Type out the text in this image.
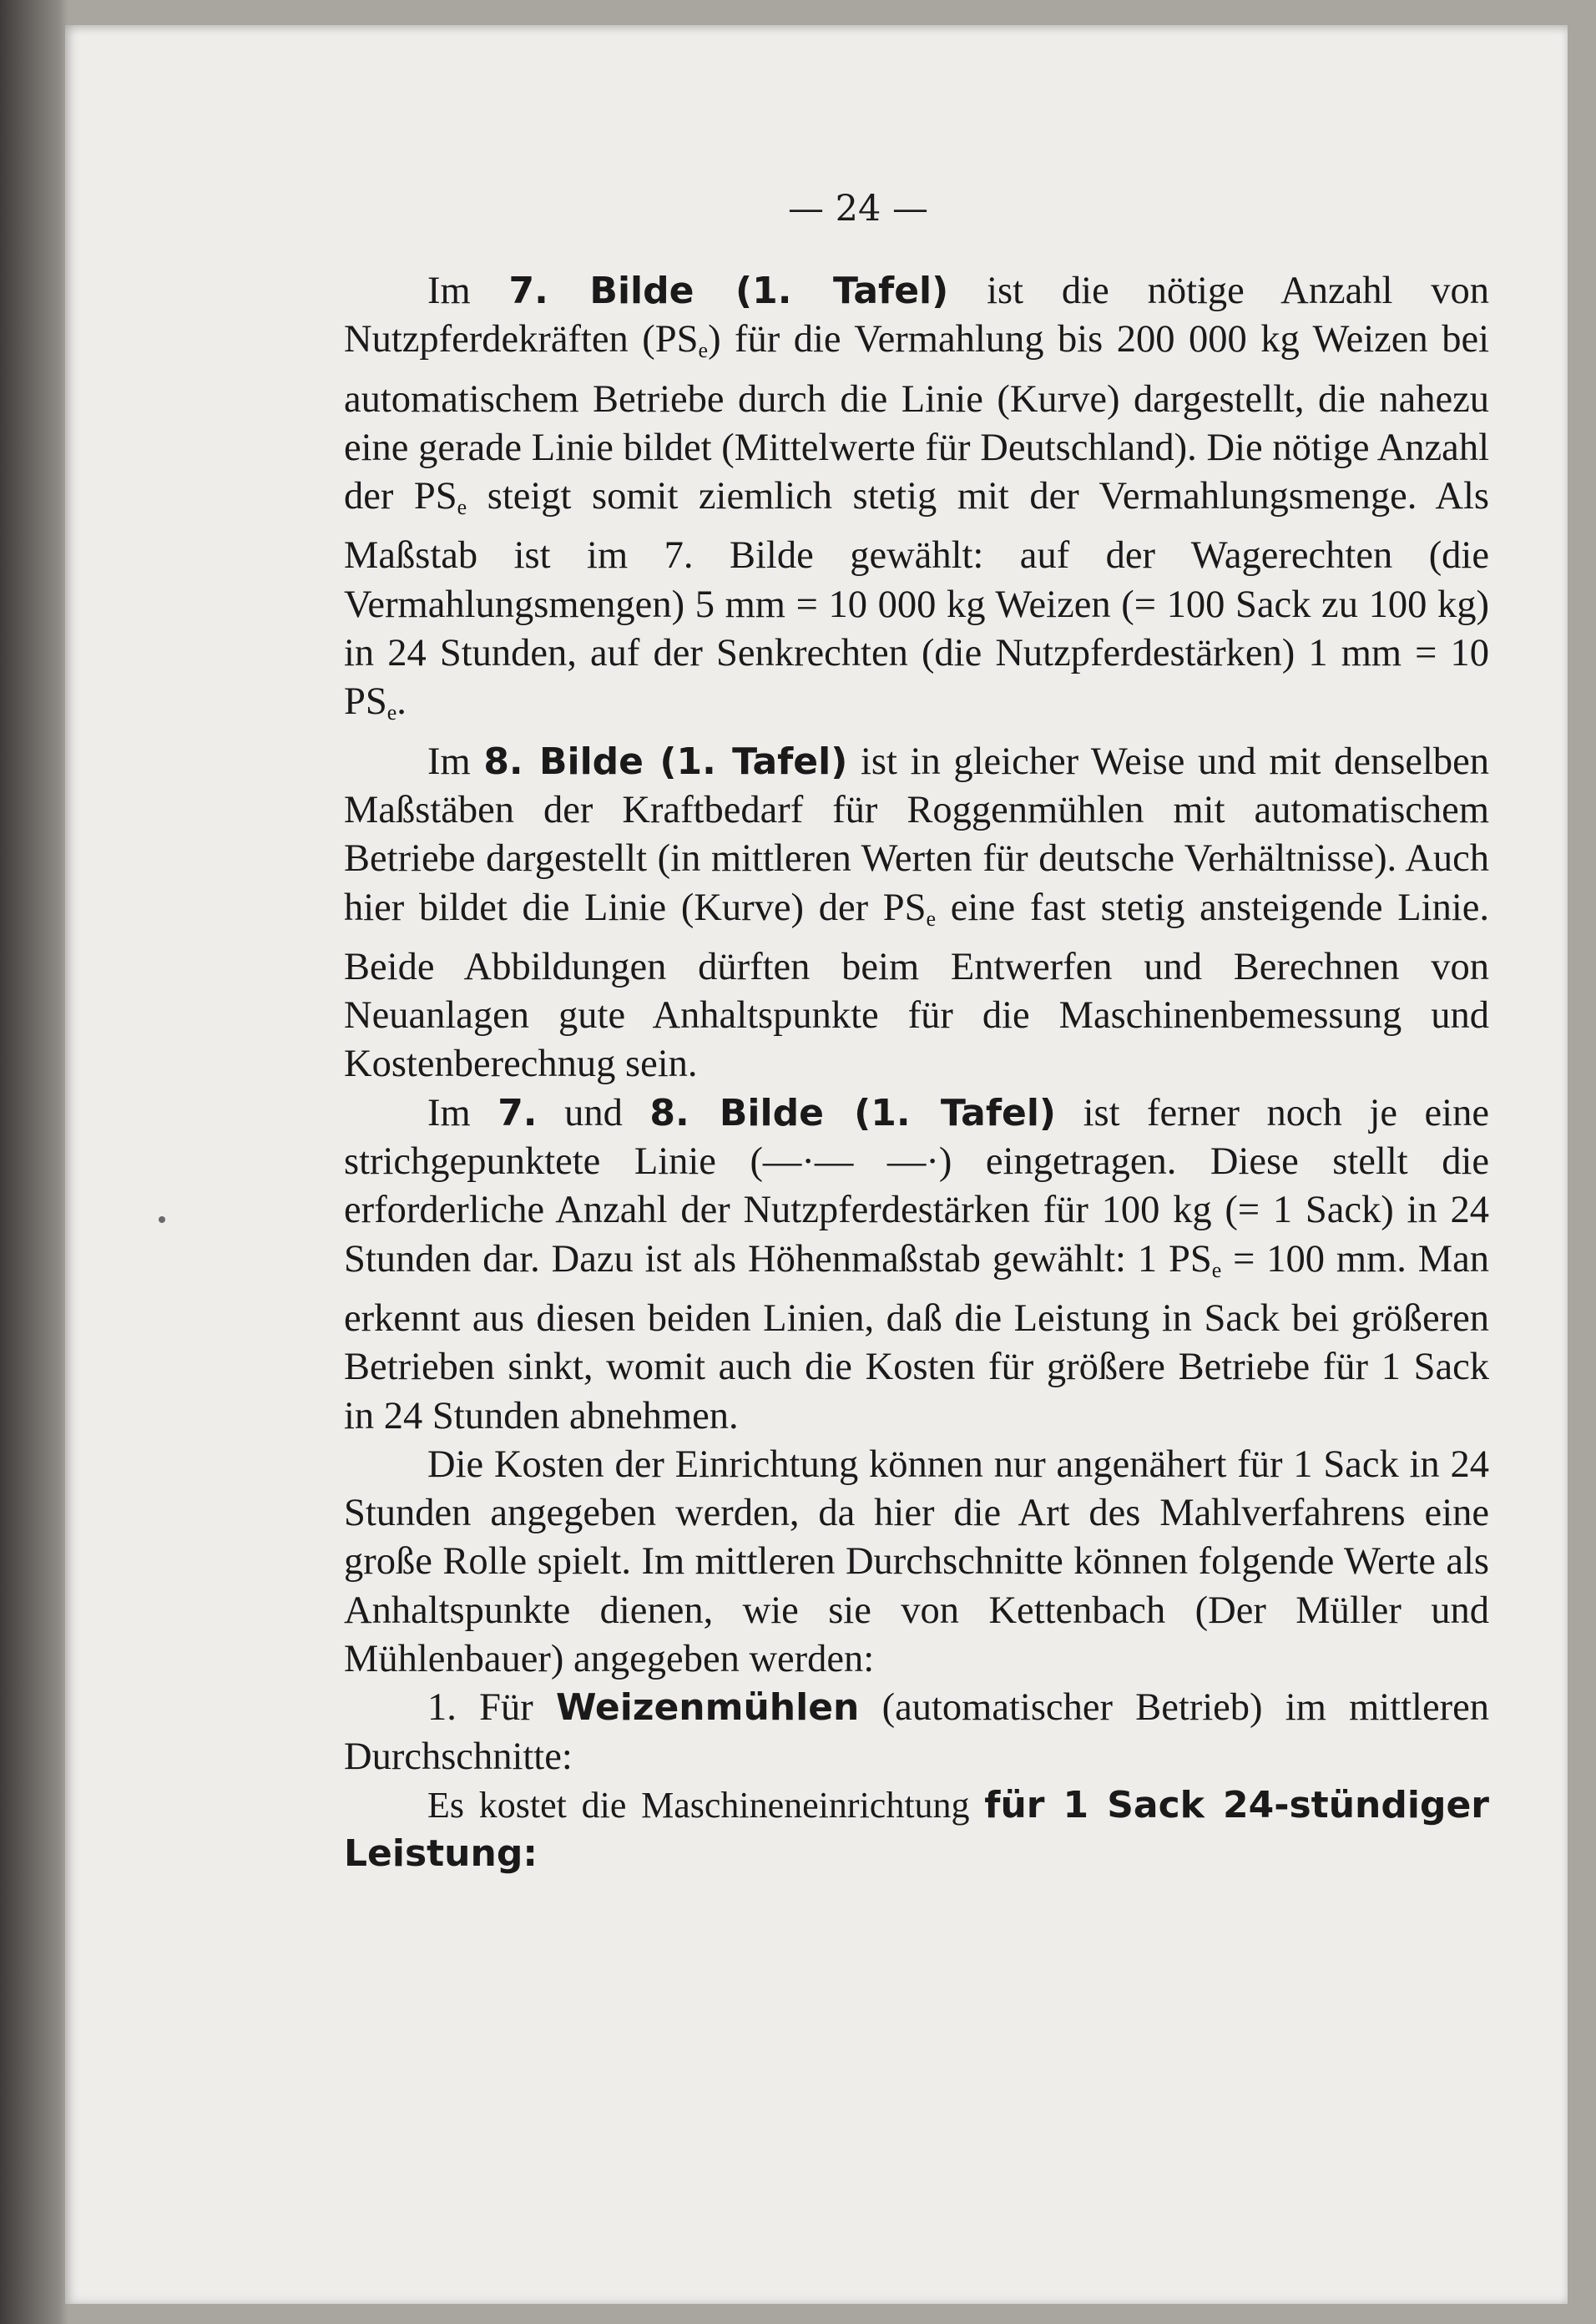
— 24 —

Im 7. Bilde (1. Tafel) ist die nötige Anzahl von Nutzpferdekräften $(PS_e)$ für die Vermahlung bis 200 000 kg Weizen bei automatischem Betriebe durch die Linie (Kurve) dargestellt, die nahezu eine gerade Linie bildet (Mittelwerte für Deutschland). Die nötige Anzahl der $PS_e$ steigt somit ziemlich stetig mit der Vermahlungsmenge. Als Maßstab ist im 7. Bilde gewählt: auf der Wagerechten (die Vermahlungsmengen) 5 mm = 10 000 kg Weizen (= 100 Sack zu 100 kg) in 24 Stunden, auf der Senkrechten (die Nutzpferdestärken) 1 mm = 10 $PS_e$.

Im 8. Bilde (1. Tafel) ist in gleicher Weise und mit denselben Maßstäben der Kraftbedarf für Roggenmühlen mit automatischem Betriebe dargestellt (in mittleren Werten für deutsche Verhältnisse). Auch hier bildet die Linie (Kurve) der $PS_e$ eine fast stetig ansteigende Linie. Beide Abbildungen dürften beim Entwerfen und Berechnen von Neuanlagen gute Anhaltspunkte für die Maschinenbemessung und Kostenberechnug sein.

Im 7. und 8. Bilde (1. Tafel) ist ferner noch je eine strichgepunktete Linie (—·— —·) eingetragen. Diese stellt die erforderliche Anzahl der Nutzpferdestärken für 100 kg (= 1 Sack) in 24 Stunden dar. Dazu ist als Höhenmaßstab gewählt: 1 $PS_e = 100$ mm. Man erkennt aus diesen beiden Linien, daß die Leistung in Sack bei größeren Betrieben sinkt, womit auch die Kosten für größere Betriebe für 1 Sack in 24 Stunden abnehmen.

Die Kosten der Einrichtung können nur angenähert für 1 Sack in 24 Stunden angegeben werden, da hier die Art des Mahlverfahrens eine große Rolle spielt. Im mittleren Durchschnitte können folgende Werte als Anhaltspunkte dienen, wie sie von Kettenbach (Der Müller und Mühlenbauer) angegeben werden:

1. Für Weizenmühlen (automatischer Betrieb) im mittleren Durchschnitte:

Es kostet die Maschineneinrichtung für 1 Sack 24-stündiger Leistung:
